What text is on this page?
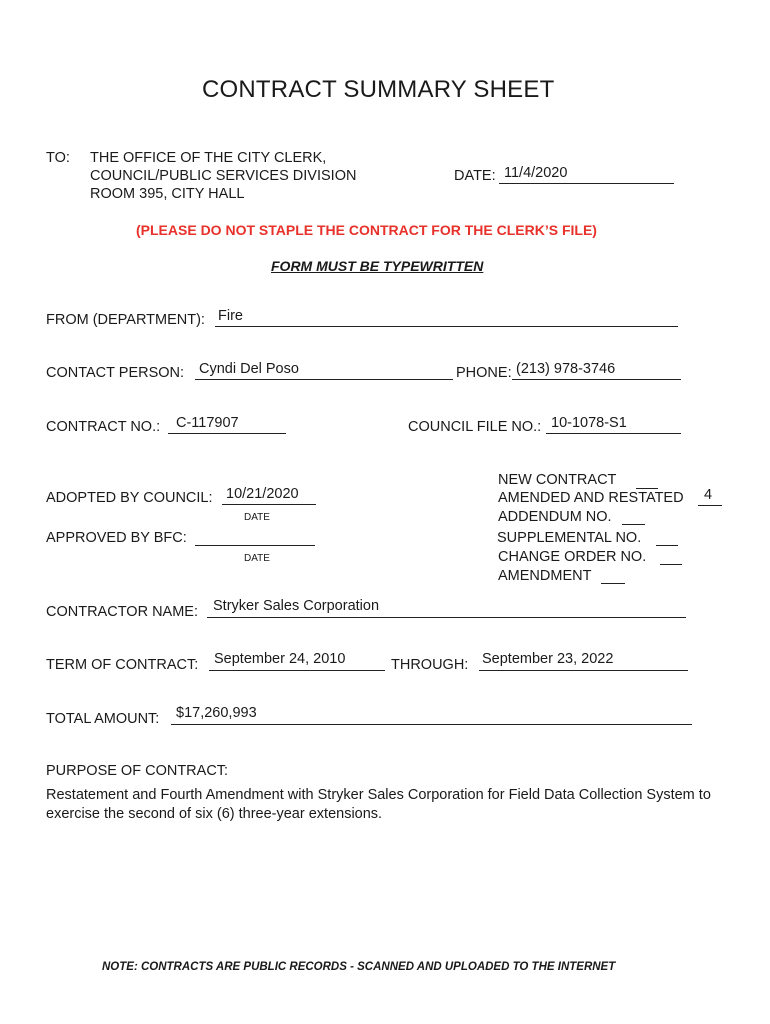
CONTRACT SUMMARY SHEET
TO: THE OFFICE OF THE CITY CLERK,
COUNCIL/PUBLIC SERVICES DIVISION
ROOM 395, CITY HALL
DATE: 11/4/2020
(PLEASE DO NOT STAPLE THE CONTRACT FOR THE CLERK’S FILE)
FORM MUST BE TYPEWRITTEN
FROM (DEPARTMENT): Fire
CONTACT PERSON: Cyndi Del Poso	PHONE: (213) 978-3746
CONTRACT NO.: C-117907	COUNCIL FILE NO.: 10-1078-S1
ADOPTED BY COUNCIL: 10/21/2020
DATE
APPROVED BY BFC:
DATE
NEW CONTRACT
AMENDED AND RESTATED 4
ADDENDUM NO.
SUPPLEMENTAL NO.
CHANGE ORDER NO.
AMENDMENT
CONTRACTOR NAME: Stryker Sales Corporation
TERM OF CONTRACT: September 24, 2010	THROUGH: September 23, 2022
TOTAL AMOUNT: $17,260,993
PURPOSE OF CONTRACT:
Restatement and Fourth Amendment with Stryker Sales Corporation for Field Data Collection System to exercise the second of six (6) three-year extensions.
NOTE: CONTRACTS ARE PUBLIC RECORDS - SCANNED AND UPLOADED TO THE INTERNET
